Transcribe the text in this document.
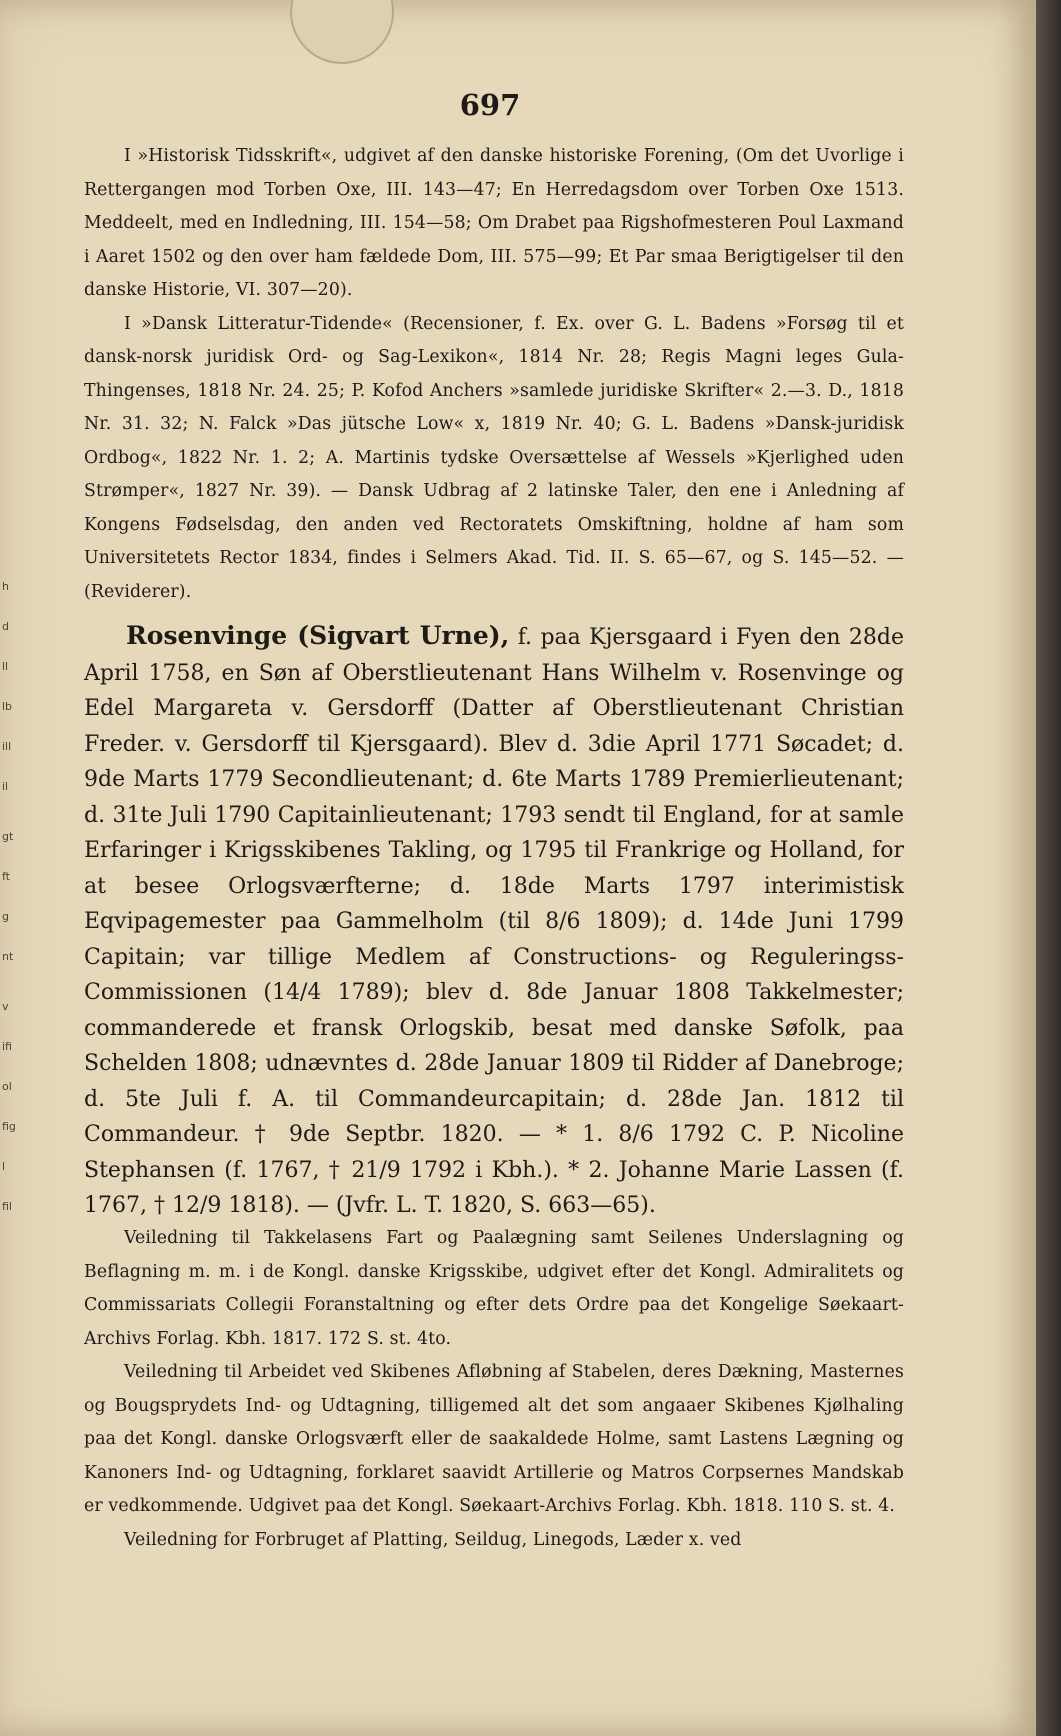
697

I »Historisk Tidsskrift«, udgivet af den danske historiske Forening, (Om det Uvorlige i Rettergangen mod Torben Oxe, III. 143—47; En Herredagsdom over Torben Oxe 1513. Meddeelt, med en Indledning, III. 154—58; Om Drabet paa Rigshofmesteren Poul Laxmand i Aaret 1502 og den over ham fældede Dom, III. 575—99; Et Par smaa Berigtigelser til den danske Historie, VI. 307—20).

I »Dansk Litteratur-Tidende« (Recensioner, f. Ex. over G. L. Badens »Forsøg til et dansk-norsk juridisk Ord- og Sag-Lexikon«, 1814 Nr. 28; Regis Magni leges Gula-Thingenses, 1818 Nr. 24. 25; P. Kofod Anchers »samlede juridiske Skrifter« 2.—3. D., 1818 Nr. 31. 32; N. Falck »Das jütsche Low« x, 1819 Nr. 40; G. L. Badens »Dansk-juridisk Ordbog«, 1822 Nr. 1. 2; A. Martinis tydske Oversættelse af Wessels »Kjerlighed uden Strømper«, 1827 Nr. 39). — Dansk Udbrag af 2 latinske Taler, den ene i Anledning af Kongens Fødselsdag, den anden ved Rectoratets Omskiftning, holdne af ham som Universitetets Rector 1834, findes i Selmers Akad. Tid. II. S. 65—67, og S. 145—52. — (Reviderer).

Rosenvinge (Sigvart Urne), f. paa Kjersgaard i Fyen den 28de April 1758, en Søn af Oberstlieutenant Hans Wilhelm v. Rosenvinge og Edel Margareta v. Gersdorff (Datter af Oberstlieutenant Christian Freder. v. Gersdorff til Kjersgaard). Blev d. 3die April 1771 Søcadet; d. 9de Marts 1779 Secondlieutenant; d. 6te Marts 1789 Premierlieutenant; d. 31te Juli 1790 Capitainlieutenant; 1793 sendt til England, for at samle Erfaringer i Krigsskibenes Takling, og 1795 til Frankrige og Holland, for at besee Orlogsværfterne; d. 18de Marts 1797 interimistisk Eqvipagemester paa Gammelholm (til 8/6 1809); d. 14de Juni 1799 Capitain; var tillige Medlem af Constructions- og Reguleringss-Commissionen (14/4 1789); blev d. 8de Januar 1808 Takkelmester; commanderede et fransk Orlogskib, besat med danske Søfolk, paa Schelden 1808; udnævntes d. 28de Januar 1809 til Ridder af Danebroge; d. 5te Juli f. A. til Commandeurcapitain; d. 28de Jan. 1812 til Commandeur. † 9de Septbr. 1820. — * 1. 8/6 1792 C. P. Nicoline Stephansen (f. 1767, † 21/9 1792 i Kbh.). * 2. Johanne Marie Lassen (f. 1767, † 12/9 1818). — (Jvfr. L. T. 1820, S. 663—65).

Veiledning til Takkelasens Fart og Paalægning samt Seilenes Underslagning og Beflagning m. m. i de Kongl. danske Krigsskibe, udgivet efter det Kongl. Admiralitets og Commissariats Collegii Foranstaltning og efter dets Ordre paa det Kongelige Søekaart-Archivs Forlag. Kbh. 1817. 172 S. st. 4to.

Veiledning til Arbeidet ved Skibenes Afløbning af Stabelen, deres Dækning, Masternes og Bougsprydets Ind- og Udtagning, tilligemed alt det som angaaer Skibenes Kjølhaling paa det Kongl. danske Orlogsværft eller de saakaldede Holme, samt Lastens Lægning og Kanoners Ind- og Udtagning, forklaret saavidt Artillerie og Matros Corpsernes Mandskab er vedkommende. Udgivet paa det Kongl. Søekaart-Archivs Forlag. Kbh. 1818. 110 S. st. 4.

Veiledning for Forbruget af Platting, Seildug, Linegods, Læder x. ved

h
d
ll
lb
ill
il
gt
ft
g
nt
v
ifi
ol
fig
l
fil
